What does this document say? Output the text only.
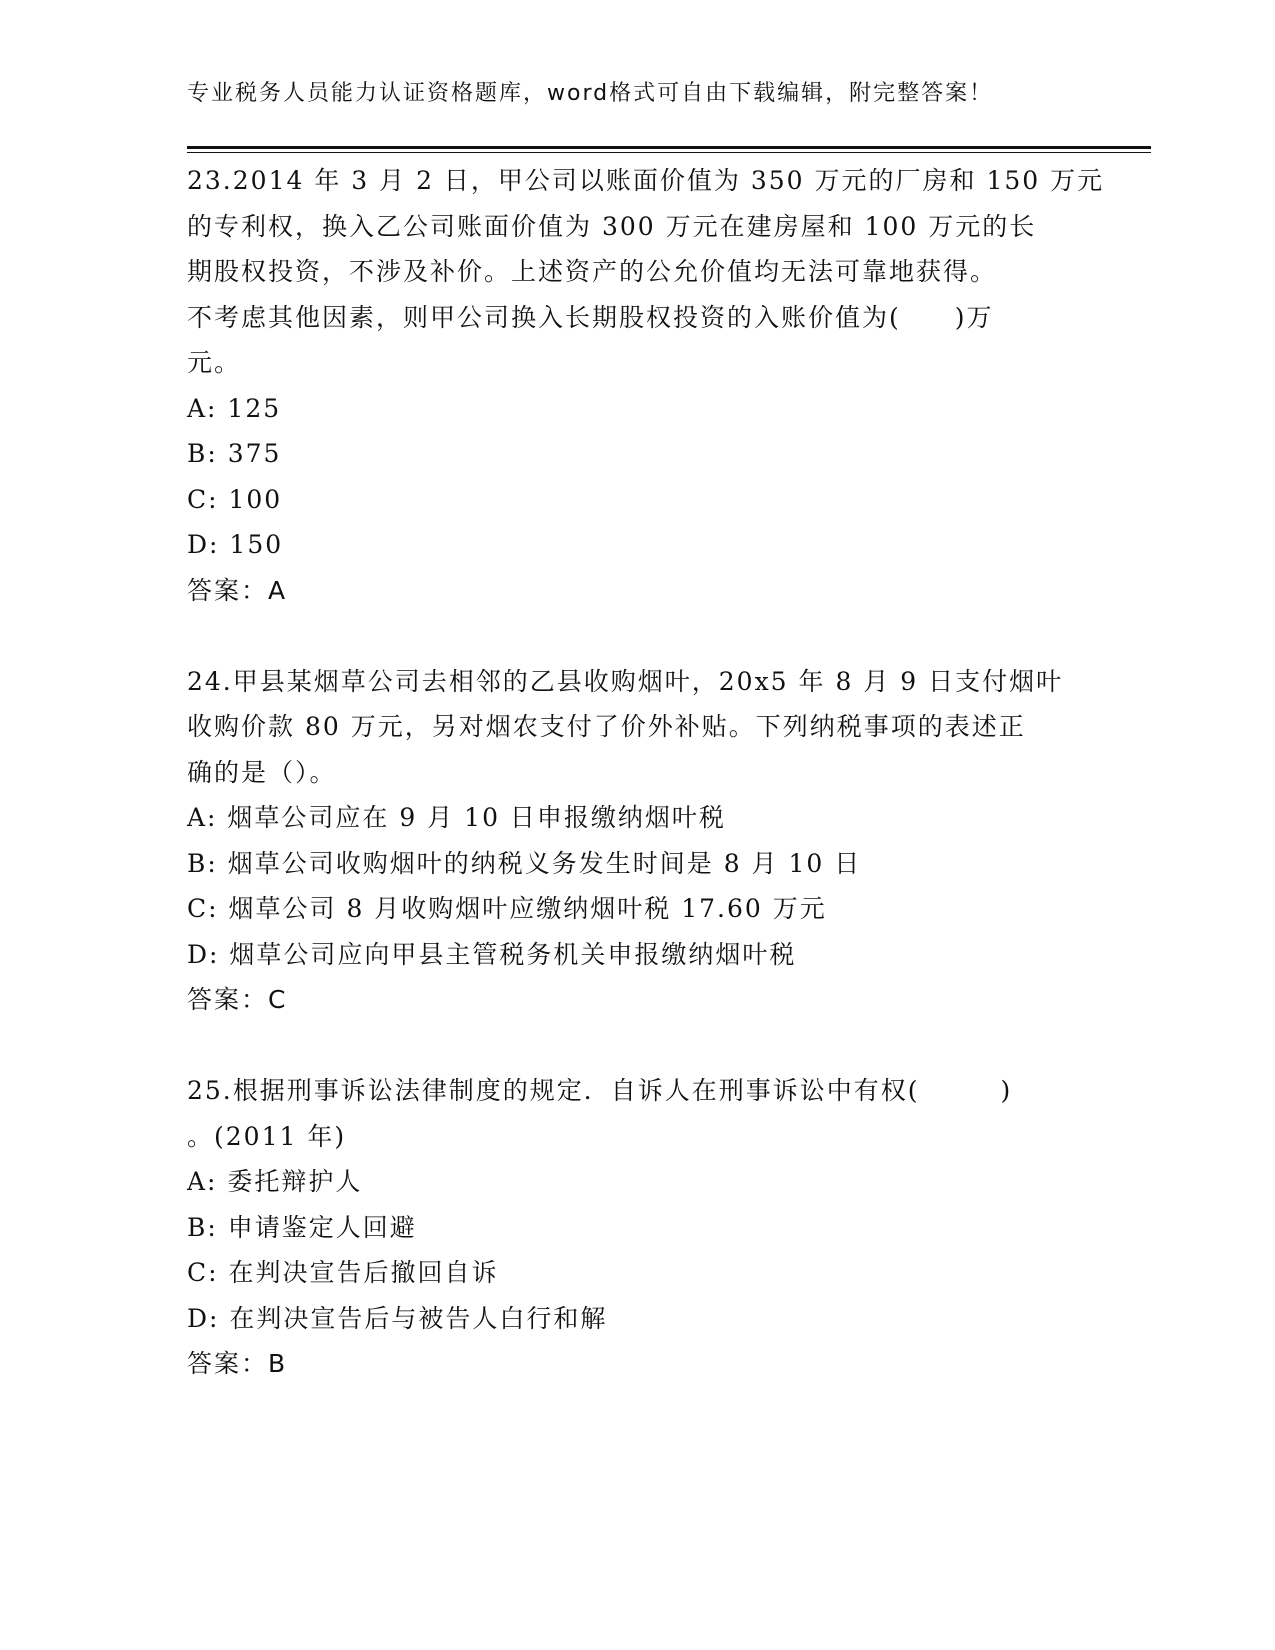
专业税务人员能力认证资格题库，word格式可自由下载编辑，附完整答案！
23.2014 年 3 月 2 日，甲公司以账面价值为 350 万元的厂房和 150 万元
的专利权，换入乙公司账面价值为 300 万元在建房屋和 100 万元的长
期股权投资，不涉及补价。上述资产的公允价值均无法可靠地获得。
不考虑其他因素，则甲公司换入长期股权投资的入账价值为(　　)万
元。
A: 125
B: 375
C: 100
D: 150
答案：A
24.甲县某烟草公司去相邻的乙县收购烟叶，20x5 年 8 月 9 日支付烟叶
收购价款 80 万元，另对烟农支付了价外补贴。下列纳税事项的表述正
确的是（）。
A: 烟草公司应在 9 月 10 日申报缴纳烟叶税
B: 烟草公司收购烟叶的纳税义务发生时间是 8 月 10 日
C: 烟草公司 8 月收购烟叶应缴纳烟叶税 17.60 万元
D: 烟草公司应向甲县主管税务机关申报缴纳烟叶税
答案：C
25.根据刑事诉讼法律制度的规定．自诉人在刑事诉讼中有权(　　　)
。(2011 年)
A: 委托辩护人
B: 申请鉴定人回避
C: 在判决宣告后撤回自诉
D: 在判决宣告后与被告人白行和解
答案：B
